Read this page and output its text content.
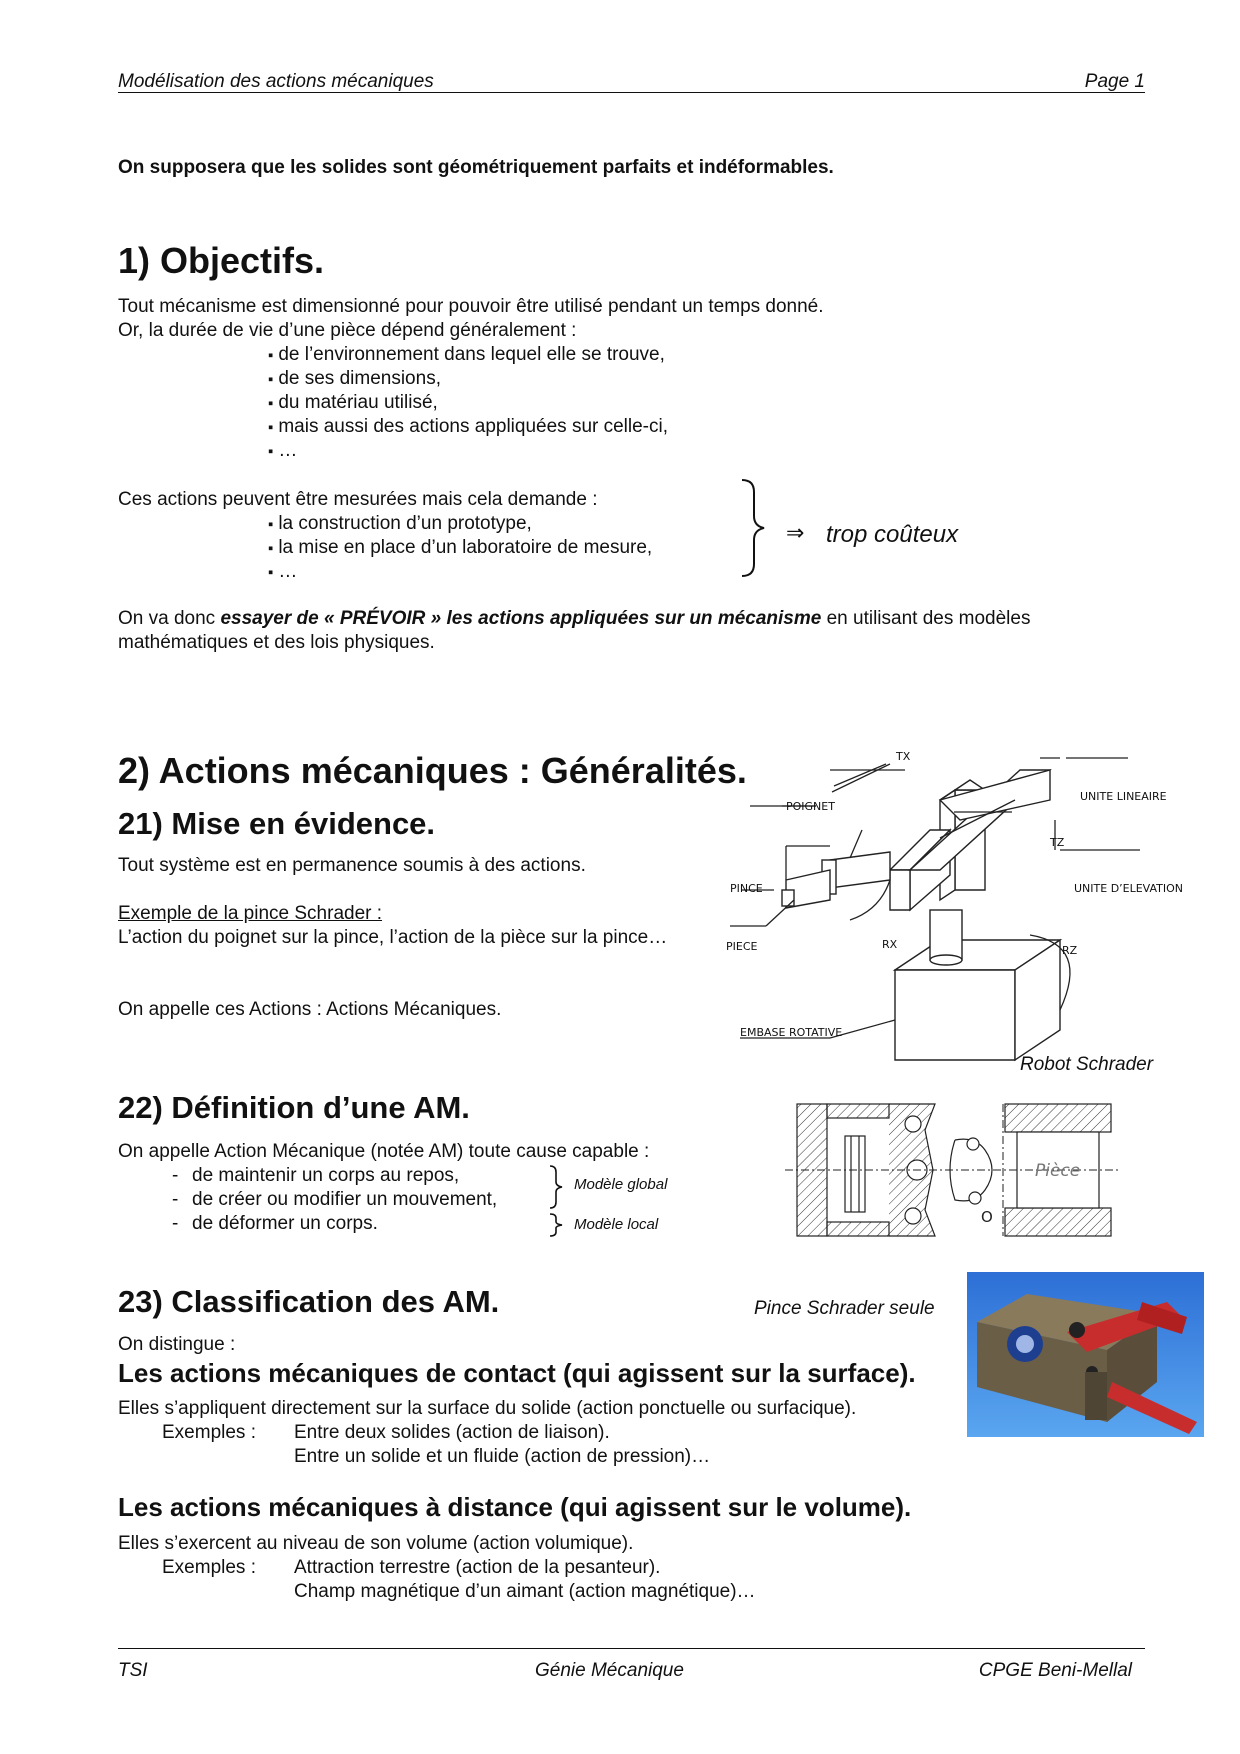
Modélisation des actions mécaniques	Page 1
On supposera que les solides sont géométriquement parfaits et indéformables.
1) Objectifs.
Tout mécanisme est dimensionné pour pouvoir être utilisé pendant un temps donné.
Or, la durée de vie d’une pièce dépend généralement :
▪ de l’environnement dans lequel elle se trouve,
▪ de ses dimensions,
▪ du matériau utilisé,
▪ mais aussi des actions appliquées sur celle-ci,
▪ …
Ces actions peuvent être mesurées mais cela demande :
▪ la construction d’un prototype,
▪ la mise en place d’un laboratoire de mesure,
▪ …
⇒ trop coûteux
On va donc essayer de « PRÉVOIR » les actions appliquées sur un mécanisme en utilisant des modèles
mathématiques et des lois physiques.
2) Actions mécaniques : Généralités.
21) Mise en évidence.
Tout système est en permanence soumis à des actions.
Exemple de la pince Schrader :
L’action du poignet sur la pince, l’action de la pièce sur la pince…
On appelle ces Actions : Actions Mécaniques.
TX
POIGNET
UNITE LINEAIRE
TZ
PINCE	UNITE D’ELEVATION
PIECE	RX	RZ
EMBASE ROTATIVE
Robot Schrader
22) Définition d’une AM.
On appelle Action Mécanique (notée AM) toute cause capable :
- de maintenir un corps au repos,
- de créer ou modifier un mouvement,
- de déformer un corps.
Modèle global
Modèle local
Pièce
O
Pince Schrader seule
23) Classification des AM.
On distingue :
Les actions mécaniques de contact (qui agissent sur la surface).
Elles s’appliquent directement sur la surface du solide (action ponctuelle ou surfacique).
Exemples : Entre deux solides (action de liaison).
Entre un solide et un fluide (action de pression)…
Les actions mécaniques à distance (qui agissent sur le volume).
Elles s’exercent au niveau de son volume (action volumique).
Exemples : Attraction terrestre (action de la pesanteur).
Champ magnétique d’un aimant (action magnétique)…
TSI	Génie Mécanique	CPGE Beni-Mellal
